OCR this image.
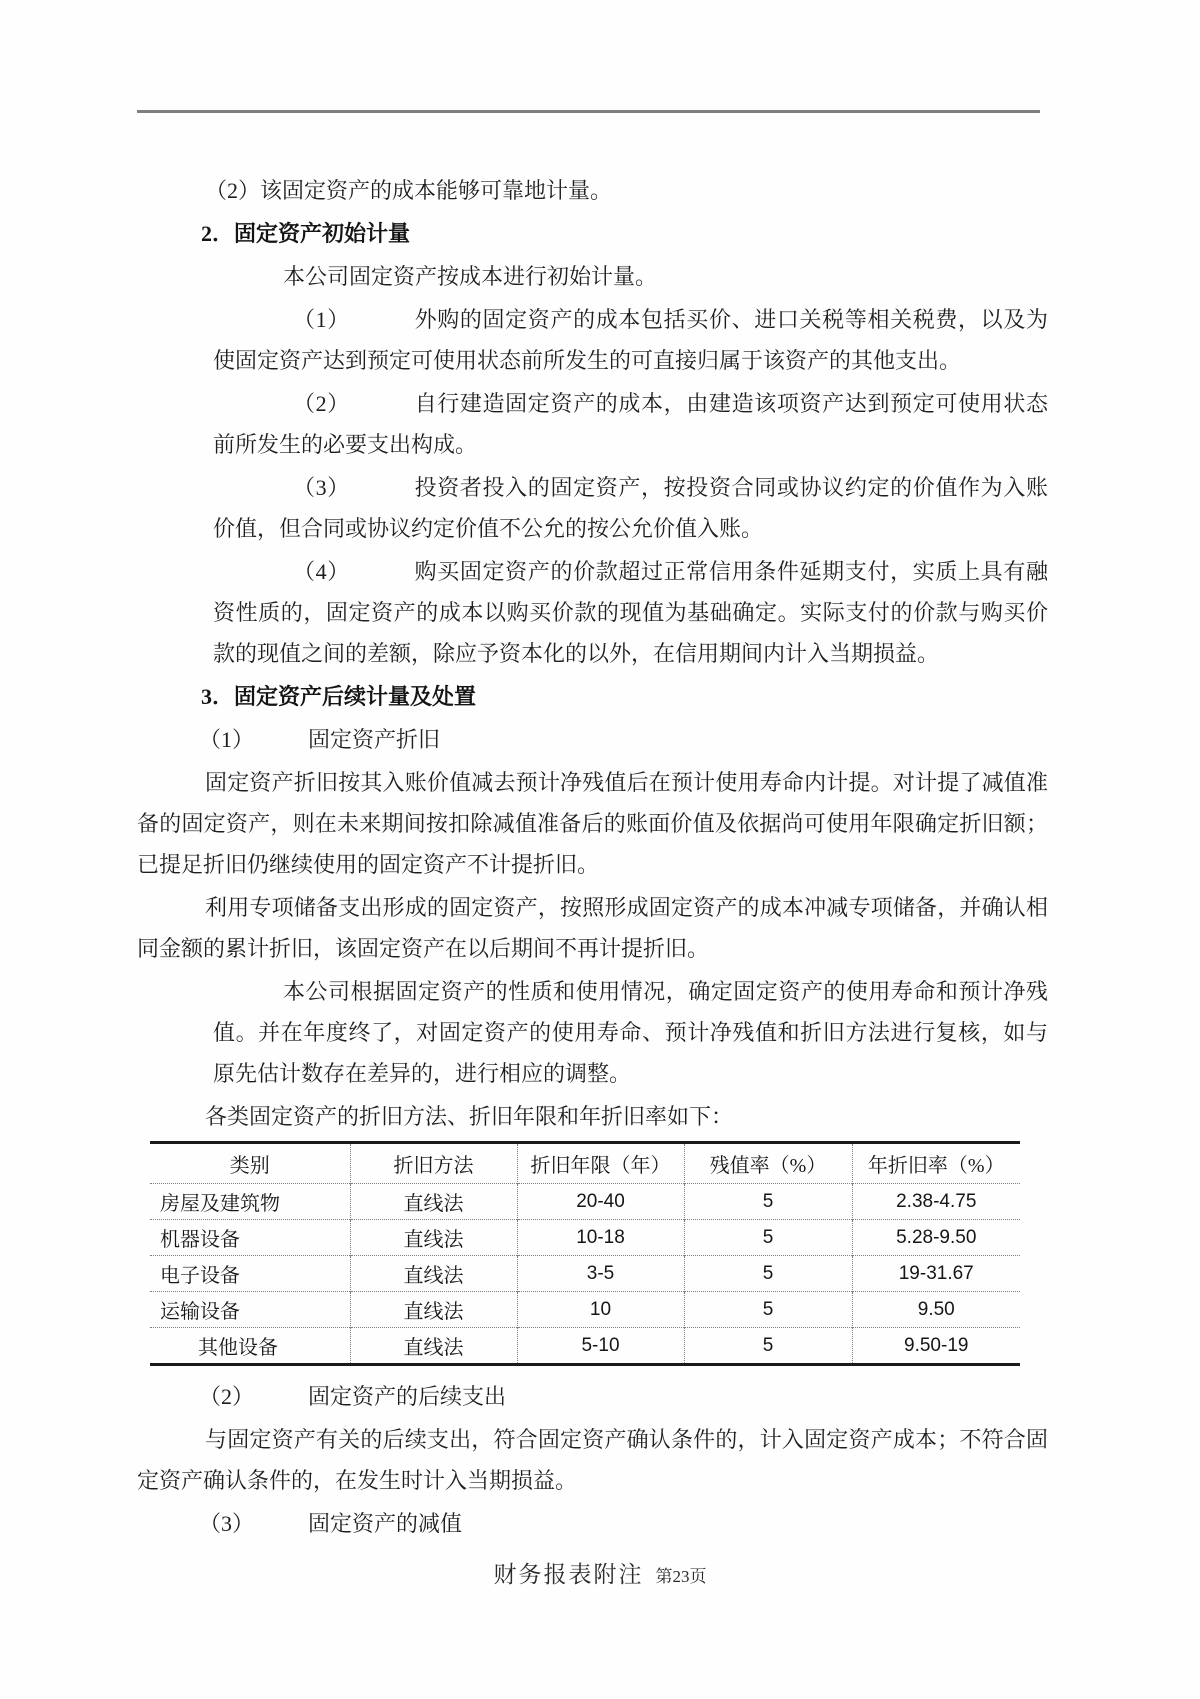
（2）该固定资产的成本能够可靠地计量。

2．固定资产初始计量

本公司固定资产按成本进行初始计量。

（1）	外购的固定资产的成本包括买价、进口关税等相关税费，以及为使固定资产达到预定可使用状态前所发生的可直接归属于该资产的其他支出。

（2）	自行建造固定资产的成本，由建造该项资产达到预定可使用状态前所发生的必要支出构成。

（3）	投资者投入的固定资产，按投资合同或协议约定的价值作为入账价值，但合同或协议约定价值不公允的按公允价值入账。

（4）	购买固定资产的价款超过正常信用条件延期支付，实质上具有融资性质的，固定资产的成本以购买价款的现值为基础确定。实际支付的价款与购买价款的现值之间的差额，除应予资本化的以外，在信用期间内计入当期损益。

3．固定资产后续计量及处置

（1） 固定资产折旧

固定资产折旧按其入账价值减去预计净残值后在预计使用寿命内计提。对计提了减值准备的固定资产，则在未来期间按扣除减值准备后的账面价值及依据尚可使用年限确定折旧额；已提足折旧仍继续使用的固定资产不计提折旧。

利用专项储备支出形成的固定资产，按照形成固定资产的成本冲减专项储备，并确认相同金额的累计折旧，该固定资产在以后期间不再计提折旧。

本公司根据固定资产的性质和使用情况，确定固定资产的使用寿命和预计净残值。并在年度终了，对固定资产的使用寿命、预计净残值和折旧方法进行复核，如与原先估计数存在差异的，进行相应的调整。

各类固定资产的折旧方法、折旧年限和年折旧率如下：

类别	折旧方法	折旧年限（年）	残值率（%）	年折旧率（%）
房屋及建筑物	直线法	20-40	5	2.38-4.75
机器设备	直线法	10-18	5	5.28-9.50
电子设备	直线法	3-5	5	19-31.67
运输设备	直线法	10	5	9.50
其他设备	直线法	5-10	5	9.50-19

（2） 固定资产的后续支出

与固定资产有关的后续支出，符合固定资产确认条件的，计入固定资产成本；不符合固定资产确认条件的，在发生时计入当期损益。

（3） 固定资产的减值

财务报表附注 第23页
